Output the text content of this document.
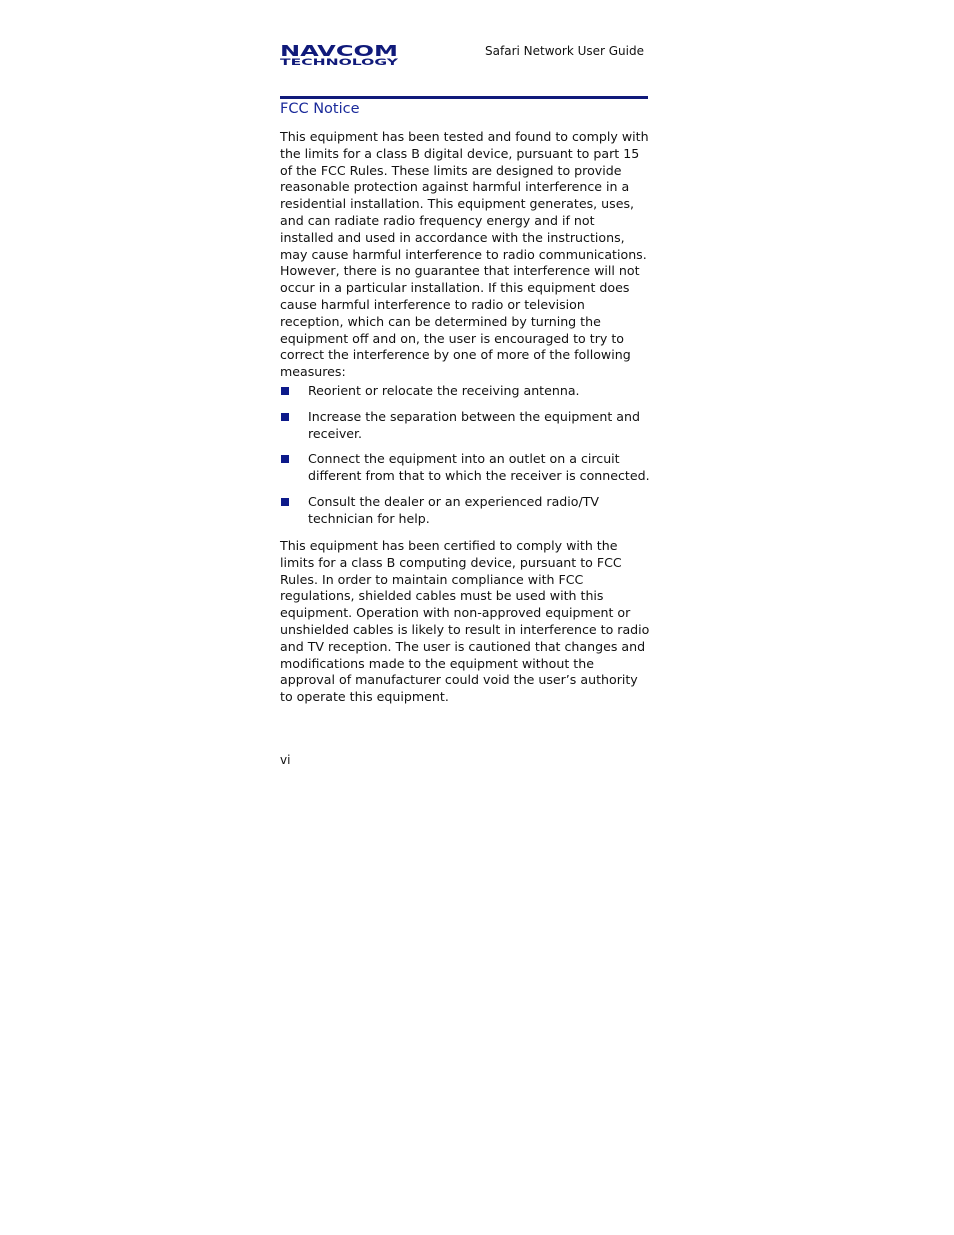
NAVCOM
TECHNOLOGY
Safari Network User Guide
FCC Notice

This equipment has been tested and found to comply with the limits for a class B digital device, pursuant to part 15 of the FCC Rules. These limits are designed to provide reasonable protection against harmful interference in a residential installation. This equipment generates, uses, and can radiate radio frequency energy and if not installed and used in accordance with the instructions, may cause harmful interference to radio communications. However, there is no guarantee that interference will not occur in a particular installation. If this equipment does cause harmful interference to radio or television reception, which can be determined by turning the equipment off and on, the user is encouraged to try to correct the interference by one of more of the following measures:

Reorient or relocate the receiving antenna.
Increase the separation between the equipment and receiver.
Connect the equipment into an outlet on a circuit different from that to which the receiver is connected.
Consult the dealer or an experienced radio/TV technician for help.

This equipment has been certified to comply with the limits for a class B computing device, pursuant to FCC Rules. In order to maintain compliance with FCC regulations, shielded cables must be used with this equipment. Operation with non-approved equipment or unshielded cables is likely to result in interference to radio and TV reception. The user is cautioned that changes and modifications made to the equipment without the approval of manufacturer could void the user’s authority to operate this equipment.

vi
